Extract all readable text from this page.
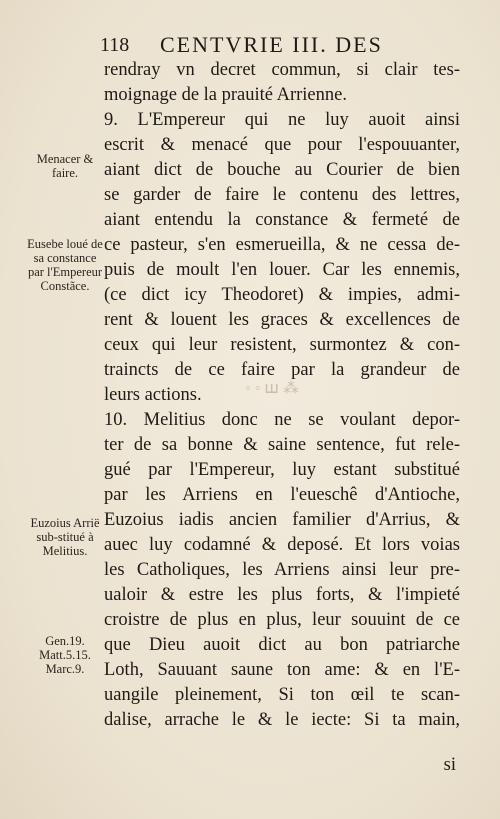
118 CENTVRIE III. DES
⁂ ꟺ ◦ ◦
rendray vn decret commun, si clair tes-
moignage de la prauité Arrienne.
9. L'Empereur qui ne luy auoit ainsi
escrit & menacé que pour l'espouuanter,
aiant dict de bouche au Courier de bien
se garder de faire le contenu des lettres,
aiant entendu la constance & fermeté de
ce pasteur, s'en esmerueilla, & ne cessa de-
puis de moult l'en louer. Car les ennemis,
(ce dict icy Theodoret) & impies, admi-
rent & louent les graces & excellences de
ceux qui leur resistent, surmontez & con-
traincts de ce faire par la grandeur de
leurs actions.
10. Melitius donc ne se voulant depor-
ter de sa bonne & saine sentence, fut rele-
gué par l'Empereur, luy estant substitué
par les Arriens en l'eueschê d'Antioche,
Euzoius iadis ancien familier d'Arrius, &
auec luy codamné & deposé. Et lors voias
les Catholiques, les Arriens ainsi leur pre-
ualoir & estre les plus forts, & l'impieté
croistre de plus en plus, leur souuint de ce
que Dieu auoit dict au bon patriarche
Loth, Sauuant saune ton ame: & en l'E-
uangile pleinement, Si ton œil te scan-
dalise, arrache le & le iecte: Si ta main,
Menacer & faire.
Eusebe loué de sa constance par l'Empereur Constãce.
Euzoius Arrië sub-stitué à Melitius.
Gen.19. Matt.5.15. Marc.9.
si
